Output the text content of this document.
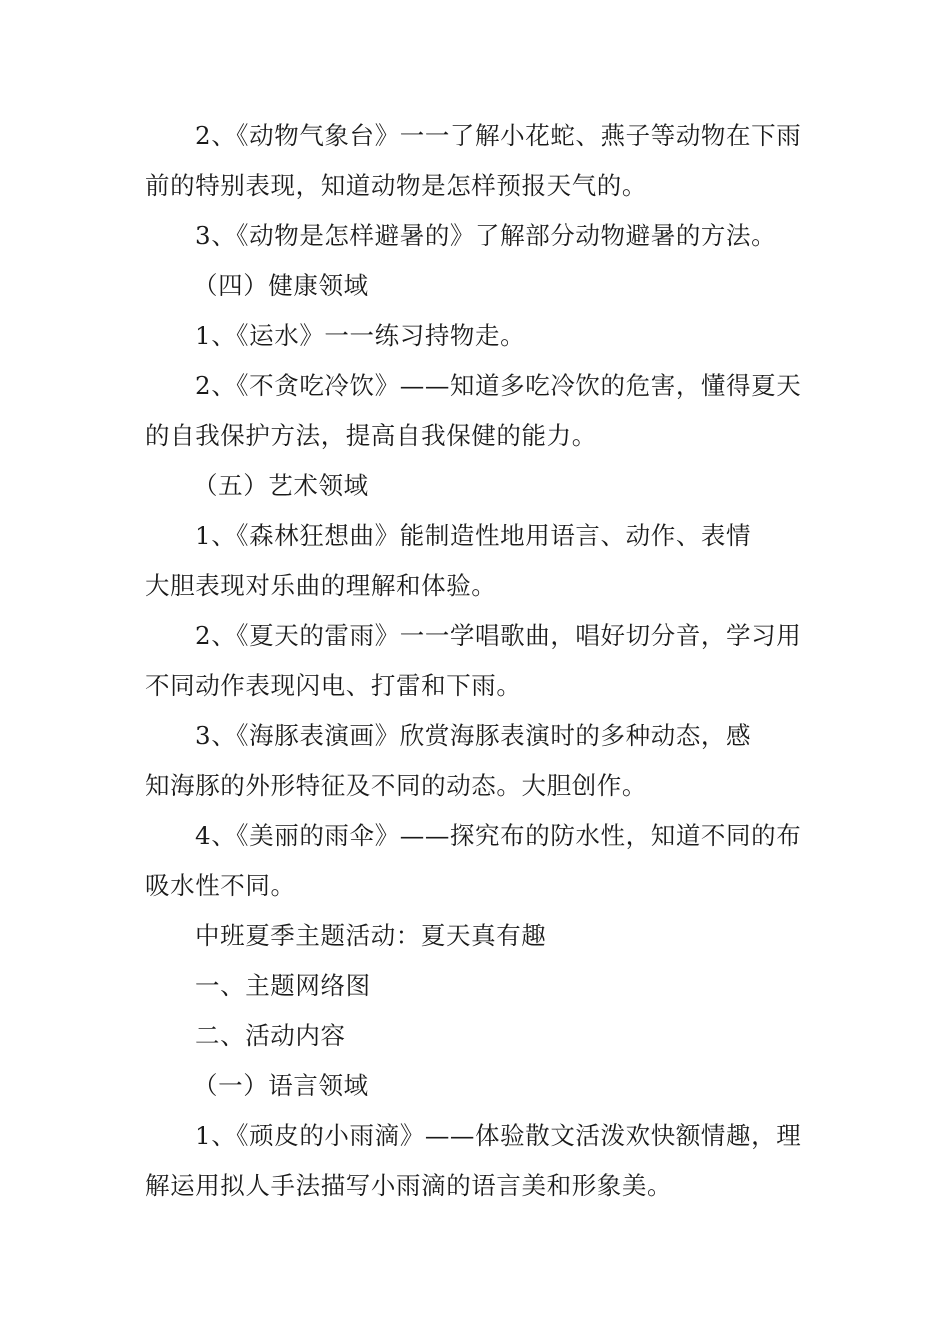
2、《动物气象台》一一了解小花蛇、燕子等动物在下雨
前的特别表现，知道动物是怎样预报天气的。
3、《动物是怎样避暑的》了解部分动物避暑的方法。
（四）健康领域
1、《运水》一一练习持物走。
2、《不贪吃冷饮》——知道多吃冷饮的危害，懂得夏天
的自我保护方法，提高自我保健的能力。
（五）艺术领域
1、《森林狂想曲》能制造性地用语言、动作、表情
大胆表现对乐曲的理解和体验。
2、《夏天的雷雨》一一学唱歌曲，唱好切分音，学习用
不同动作表现闪电、打雷和下雨。
3、《海豚表演画》欣赏海豚表演时的多种动态，感
知海豚的外形特征及不同的动态。大胆创作。
4、《美丽的雨伞》——探究布的防水性，知道不同的布
吸水性不同。
中班夏季主题活动：夏天真有趣
一、主题网络图
二、活动内容
（一）语言领域
1、《顽皮的小雨滴》——体验散文活泼欢快额情趣，理
解运用拟人手法描写小雨滴的语言美和形象美。
